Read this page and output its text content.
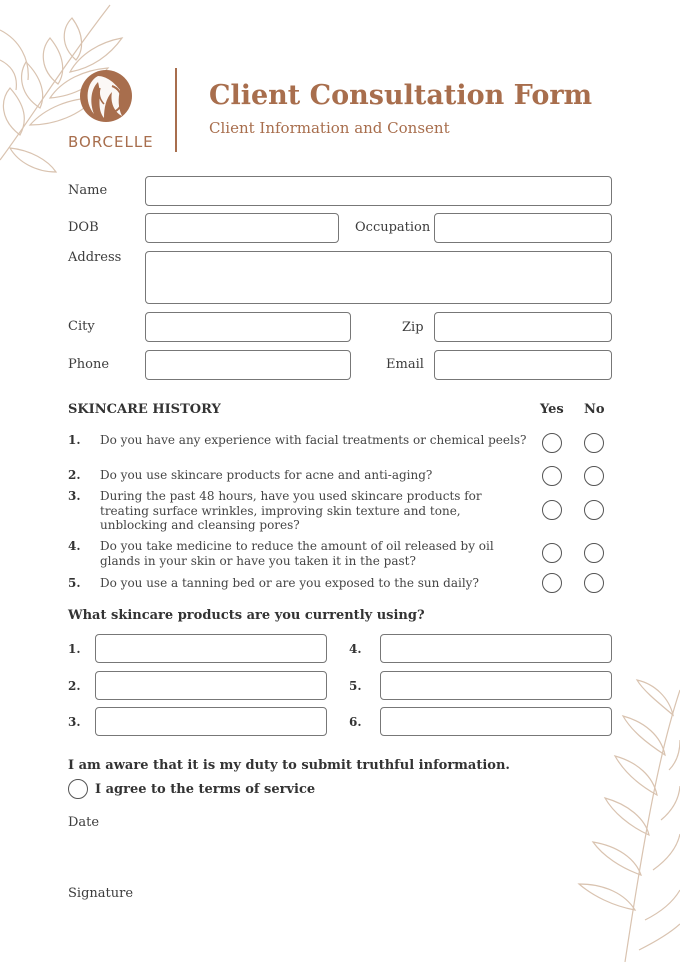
BORCELLE
Client Consultation Form
Client Information and Consent
Name
DOB	Occupation
Address
City	Zip
Phone	Email
SKINCARE HISTORY	Yes No
1. Do you have any experience with facial treatments or chemical peels?
2. Do you use skincare products for acne and anti-aging?
3. During the past 48 hours, have you used skincare products for treating surface wrinkles, improving skin texture and tone, unblocking and cleansing pores?
4. Do you take medicine to reduce the amount of oil released by oil glands in your skin or have you taken it in the past?
5. Do you use a tanning bed or are you exposed to the sun daily?
What skincare products are you currently using?
1.	4.
2.	5.
3.	6.
I am aware that it is my duty to submit truthful information.
I agree to the terms of service
Date
Signature
